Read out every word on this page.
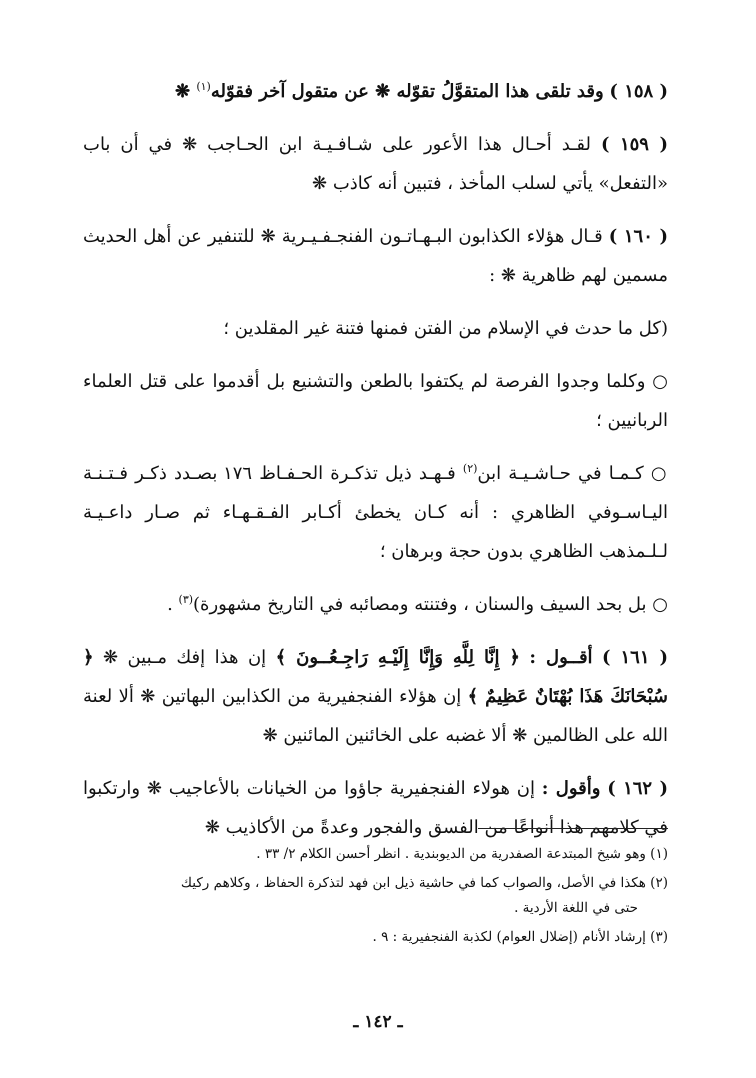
( ١٥٨ ) وقد تلقى هذا المتقوَّلُ تقوّله ❋ عن متقول آخر فقوّله$^{(١)}$ ❋

( ١٥٩ ) لقـد أحـال هذا الأعور على شـافـيـة ابن الحـاجب ❋ في أن باب «التفعل» يأتي لسلب المأخذ ، فتبين أنه كاذب ❋

( ١٦٠ ) قـال هؤلاء الكذابون البـهـاتـون الفنجـفـيـرية ❋ للتنفير عن أهل الحديث مسمين لهم ظاهرية ❋ :

(كل ما حدث في الإسلام من الفتن فمنها فتنة غير المقلدين ؛

○ وكلما وجدوا الفرصة لم يكتفوا بالطعن والتشنيع بل أقدموا على قتل العلماء الربانيين ؛

○ كـمـا في حـاشـيـة ابن$^{(٢)}$ فـهـد ذيل تذكـرة الحـفـاظ ١٧٦ بصـدد ذكـر فـتـنـة اليـاسـوفي الظاهري : أنه كـان يخطئ أكـابر الفـقـهـاء ثم صـار داعـيـة لـلـمذهب الظاهري بدون حجة وبرهان ؛

○ بل بحد السيف والسنان ، وفتنته ومصائبه في التاريخ مشهورة)$^{(٣)}$ .

( ١٦١ ) أقــول : ﴿ إِنَّا لِلَّهِ وَإِنَّا إِلَيْـهِ رَاجِـعُــونَ ﴾ إن هذا إفك مـبين ❋ ﴿ سُبْحَانَكَ هَذَا بُهْتَانٌ عَظِيمٌ ﴾ إن هؤلاء الفنجفيرية من الكذابين البهاتين ❋ ألا لعنة الله على الظالمين ❋ ألا غضبه على الخائنين المائنين ❋

( ١٦٢ ) وأقول : إن هولاء الفنجفيرية جاؤوا من الخيانات بالأعاجيب ❋ وارتكبوا في كلامهم هذا أنواعًا من الفسق والفجور وعدةً من الأكاذيب ❋

(١) وهو شيخ المبتدعة الصفدرية من الديوبندية . انظر أحسن الكلام ٢/ ٣٣ .
(٢) هكذا في الأصل، والصواب كما في حاشية ذيل ابن فهد لتذكرة الحفاظ ، وكلاهم ركيك
حتى في اللغة الأردية .
(٣) إرشاد الأنام (إضلال العوام) لكذبة الفنجفيرية : ٩ .
ـ ١٤٢ ـ
